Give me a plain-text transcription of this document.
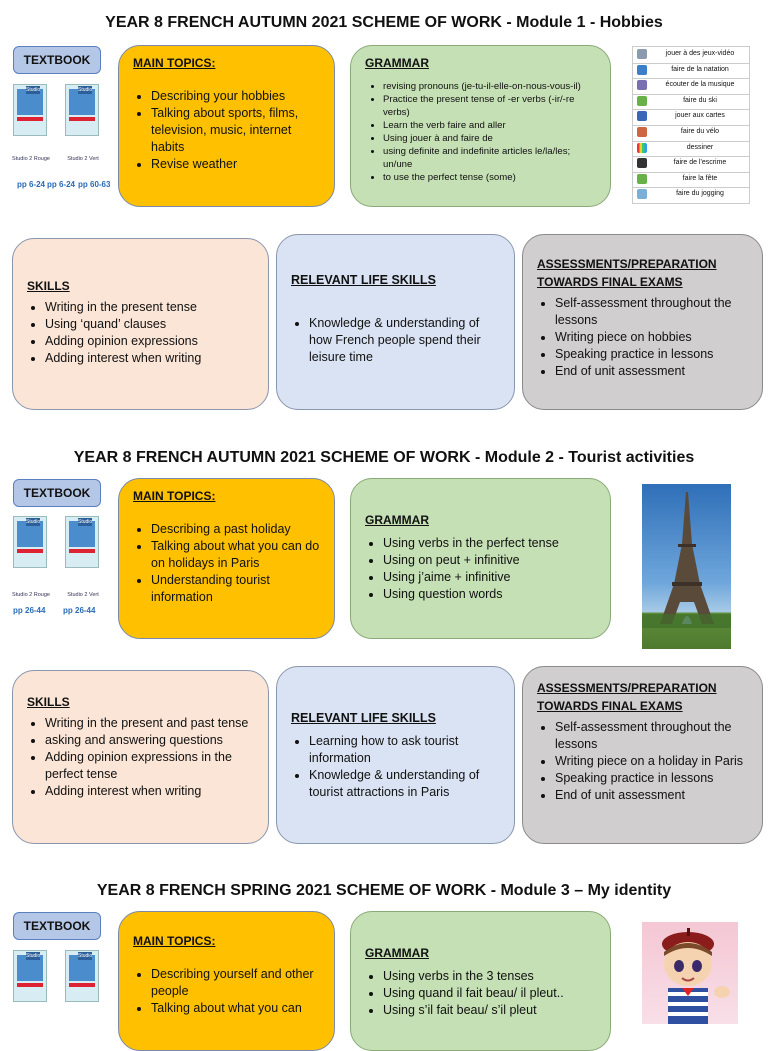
YEAR 8 FRENCH AUTUMN 2021 SCHEME OF WORK - Module 1 - Hobbies
TEXTBOOK
Studio	Studio
Studio 2 Rouge	Studio 2 Vert
pp 6-24 pp 6-24 pp 60-63
MAIN TOPICS:
• Describing your hobbies
• Talking about sports, films, television, music, internet habits
• Revise weather
GRAMMAR
• revising pronouns (je-tu-il-elle-on-nous-vous-il)
• Practice the present tense of -er verbs (-ir/-re verbs)
• Learn the verb faire and aller
• Using jouer à and faire de
• using definite and indefinite articles le/la/les; un/une
• to use the perfect tense (some)
jouer à des jeux-vidéo
faire de la natation
écouter de la musique
faire du ski
jouer aux cartes
faire du vélo
dessiner
faire de l'escrime
faire la fête
faire du jogging
SKILLS
• Writing in the present tense
• Using ‘quand’ clauses
• Adding opinion expressions
• Adding interest when writing
RELEVANT LIFE SKILLS
• Knowledge & understanding of how French people spend their leisure time
ASSESSMENTS/PREPARATION TOWARDS FINAL EXAMS
• Self-assessment throughout the lessons
• Writing piece on hobbies
• Speaking practice in lessons
• End of unit assessment
YEAR 8 FRENCH AUTUMN 2021 SCHEME OF WORK - Module 2 - Tourist activities
TEXTBOOK
Studio	Studio
Studio 2 Rouge	Studio 2 Vert
pp 26-44 pp 26-44
MAIN TOPICS:
• Describing a past holiday
• Talking about what you can do on holidays in Paris
• Understanding tourist information
GRAMMAR
• Using verbs in the perfect tense
• Using on peut + infinitive
• Using j’aime + infinitive
• Using question words
SKILLS
• Writing in the present and past tense
• asking and answering questions
• Adding opinion expressions in the perfect tense
• Adding interest when writing
RELEVANT LIFE SKILLS
• Learning how to ask tourist information
• Knowledge & understanding of tourist attractions in Paris
ASSESSMENTS/PREPARATION TOWARDS FINAL EXAMS
• Self-assessment throughout the lessons
• Writing piece on a holiday in Paris
• Speaking practice in lessons
• End of unit assessment
YEAR 8 FRENCH SPRING 2021 SCHEME OF WORK - Module 3 – My identity
TEXTBOOK
Studio	Studio
MAIN TOPICS:
• Describing yourself and other people
• Talking about what you can
GRAMMAR
• Using verbs in the 3 tenses
• Using quand il fait beau/ il pleut..
• Using s’il fait beau/ s’il pleut
